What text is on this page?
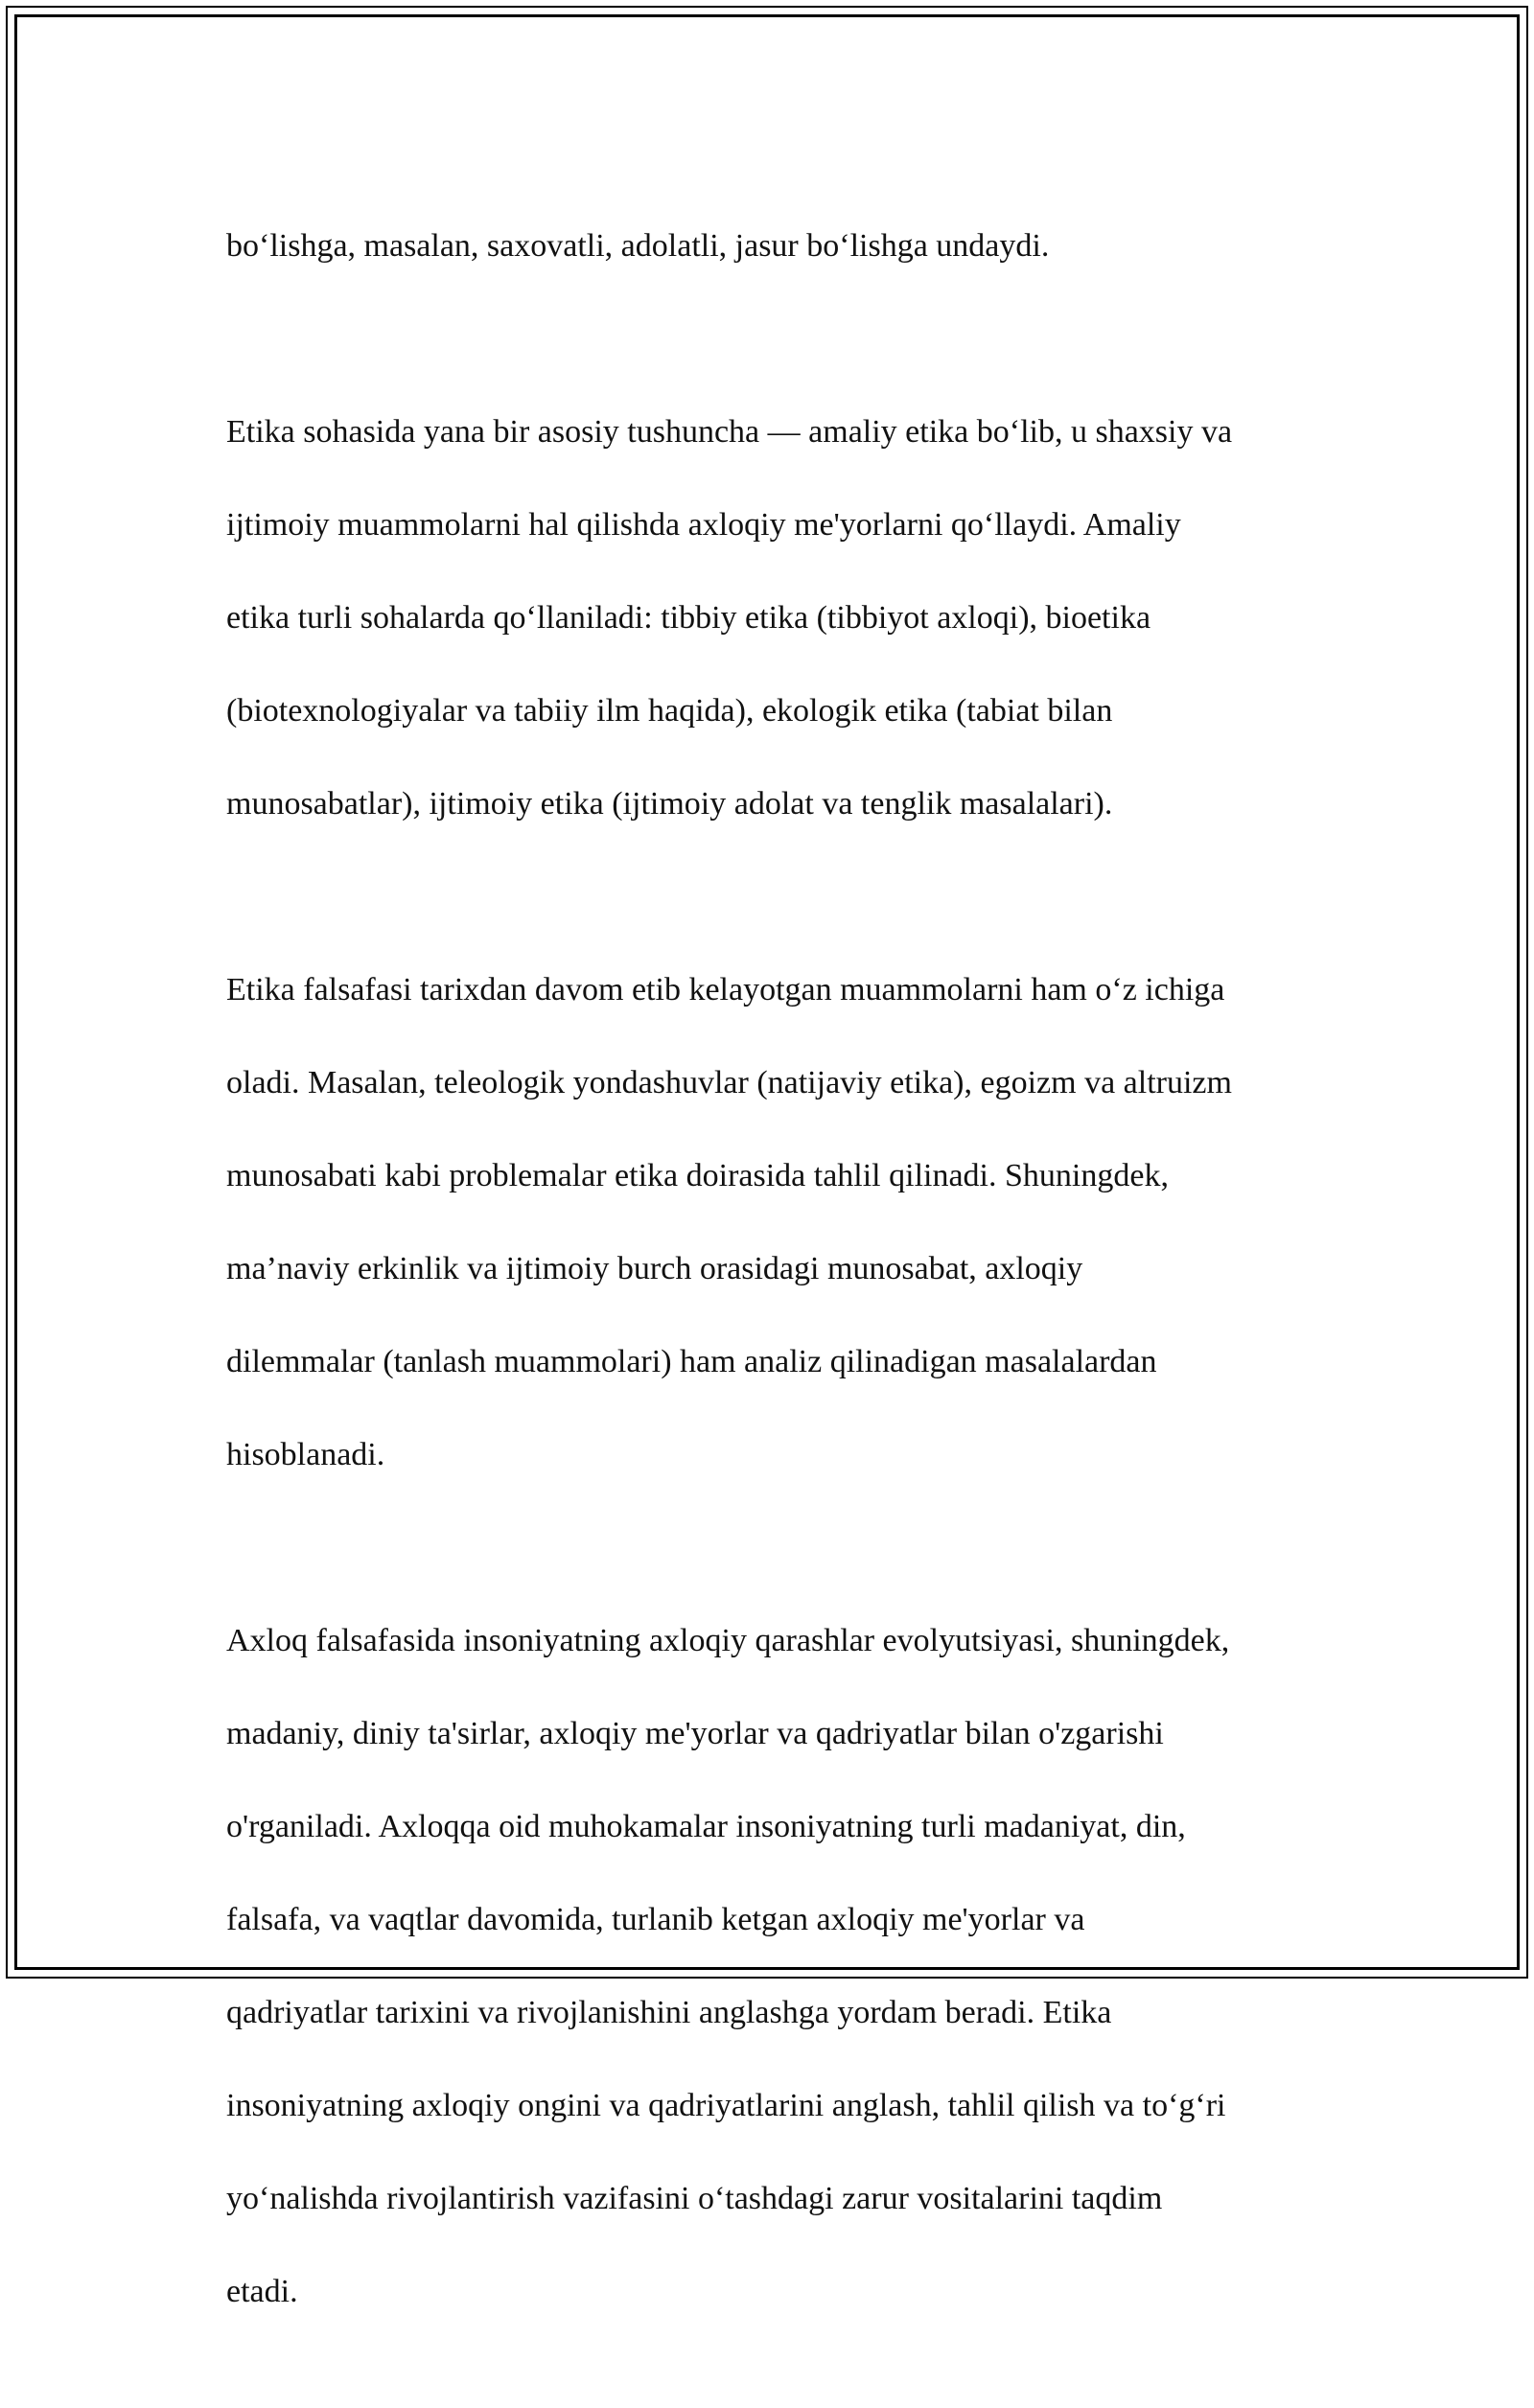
bo‘lishga, masalan, saxovatli, adolatli, jasur bo‘lishga undaydi.

Etika sohasida yana bir asosiy tushuncha — amaliy etika bo‘lib, u shaxsiy va

ijtimoiy muammolarni hal qilishda axloqiy me'yorlarni qo‘llaydi. Amaliy

etika turli sohalarda qo‘llaniladi: tibbiy etika (tibbiyot axloqi), bioetika

(biotexnologiyalar va tabiiy ilm haqida), ekologik etika (tabiat bilan

munosabatlar), ijtimoiy etika (ijtimoiy adolat va tenglik masalalari).

Etika falsafasi tarixdan davom etib kelayotgan muammolarni ham o‘z ichiga

oladi. Masalan, teleologik yondashuvlar (natijaviy etika), egoizm va altruizm

munosabati kabi problemalar etika doirasida tahlil qilinadi. Shuningdek,

ma’naviy erkinlik va ijtimoiy burch orasidagi munosabat, axloqiy

dilemmalar (tanlash muammolari) ham analiz qilinadigan masalalardan

hisoblanadi.

Axloq falsafasida insoniyatning axloqiy qarashlar evolyutsiyasi, shuningdek,

madaniy, diniy ta'sirlar, axloqiy me'yorlar va qadriyatlar bilan o'zgarishi

o'rganiladi. Axloqqa oid muhokamalar insoniyatning turli madaniyat, din,

falsafa, va vaqtlar davomida, turlanib ketgan axloqiy me'yorlar va

qadriyatlar tarixini va rivojlanishini anglashga yordam beradi. Etika

insoniyatning axloqiy ongini va qadriyatlarini anglash, tahlil qilish va to‘g‘ri

yo‘nalishda rivojlantirish vazifasini o‘tashdagi zarur vositalarini taqdim

etadi.
